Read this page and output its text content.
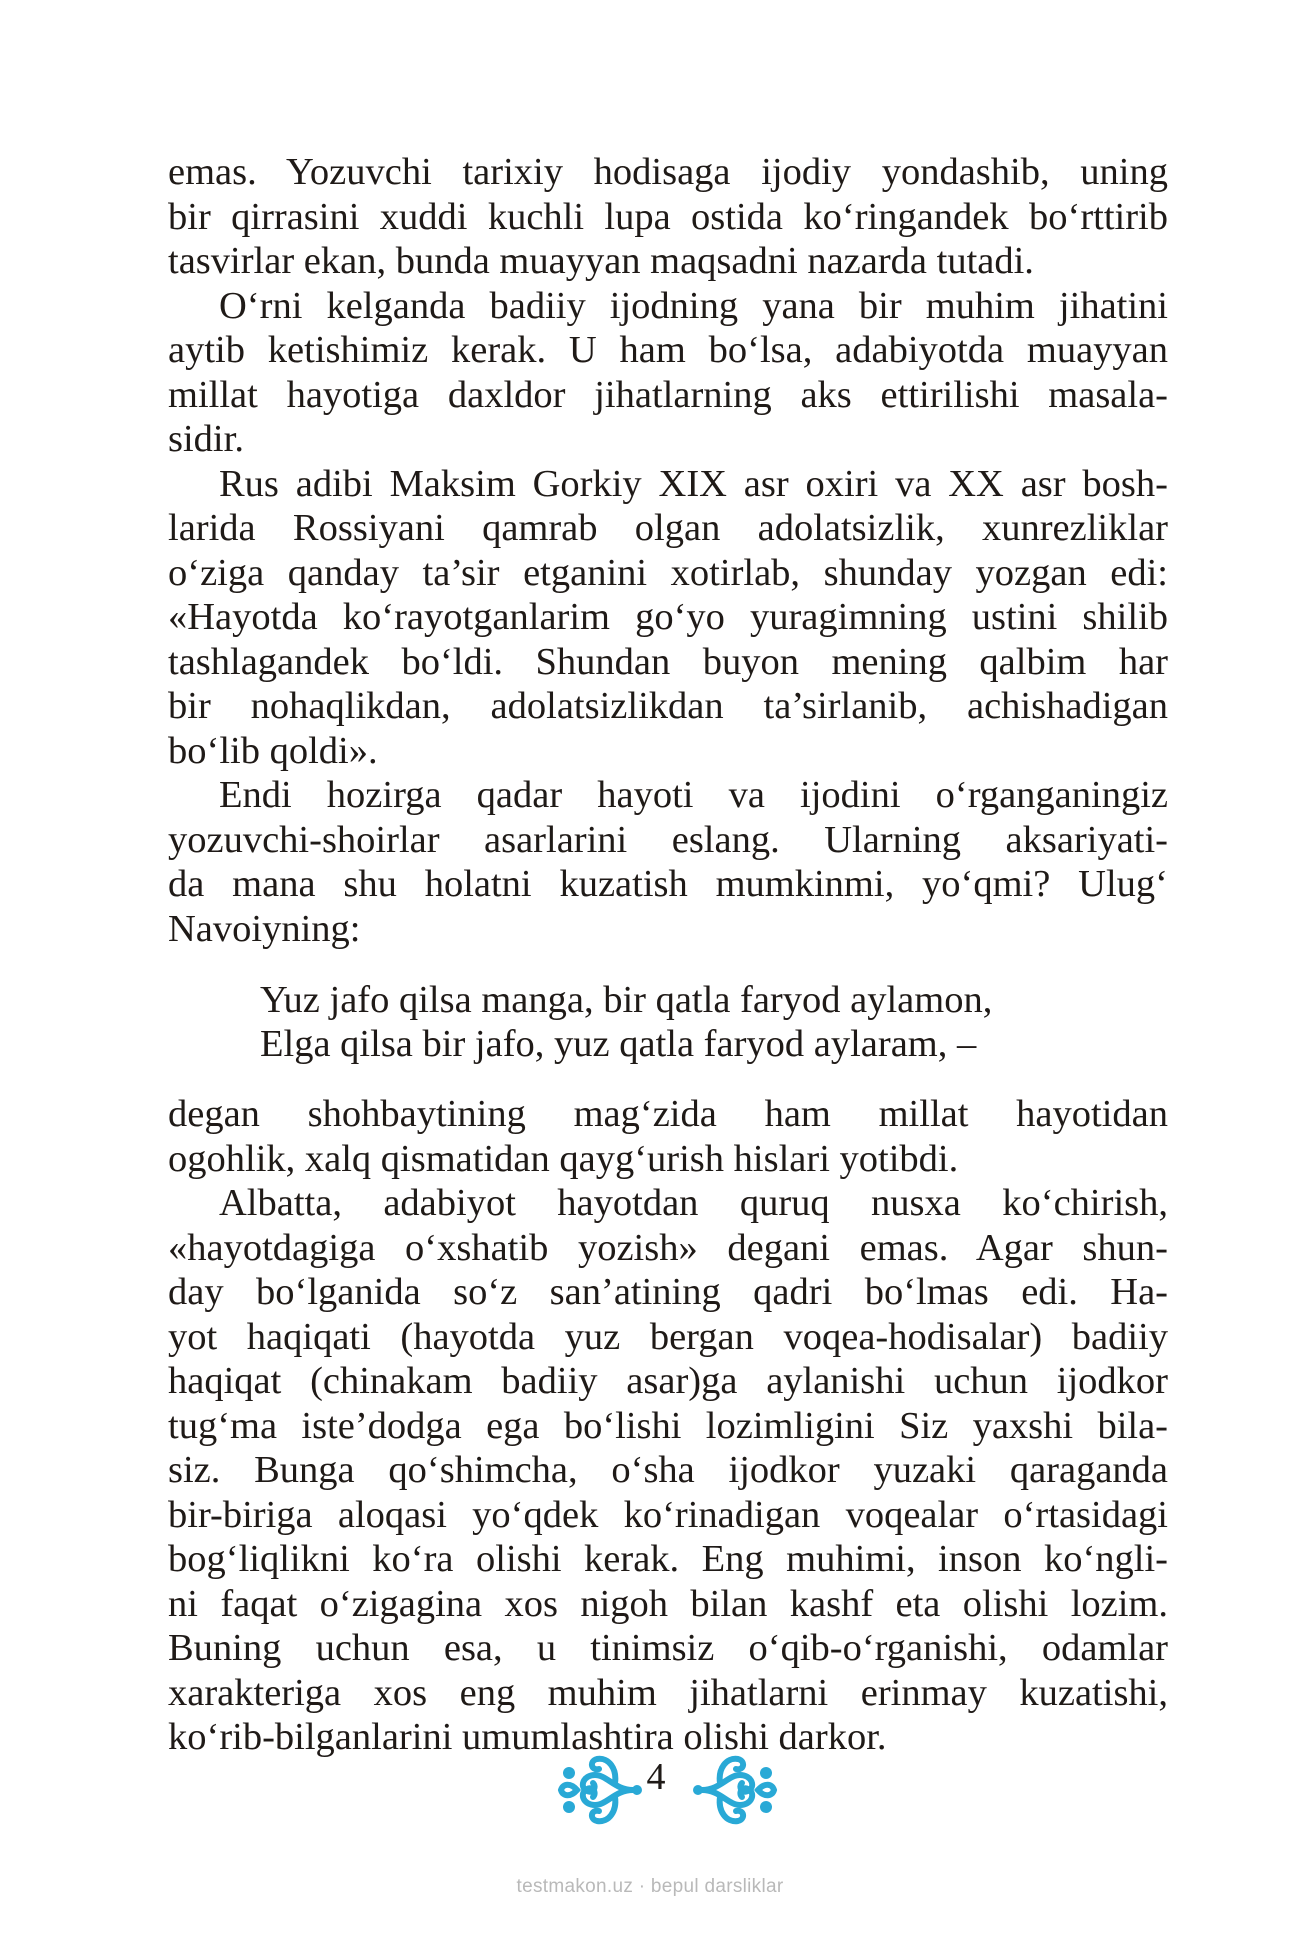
emas. Yozuvchi tarixiy hodisaga ijodiy yondashib, uning
bir qirrasini xuddi kuchli lupa ostida ko‘ringandek bo‘rttirib
tasvirlar ekan, bunda muayyan maqsadni nazarda tutadi.
O‘rni kelganda badiiy ijodning yana bir muhim jihatini
aytib ketishimiz kerak. U ham bo‘lsa, adabiyotda muayyan
millat hayotiga daxldor jihatlarning aks ettirilishi masala-
sidir.
Rus adibi Maksim Gorkiy XIX asr oxiri va XX asr bosh-
larida Rossiyani qamrab olgan adolatsizlik, xunrezliklar
o‘ziga qanday ta’sir etganini xotirlab, shunday yozgan edi:
«Hayotda ko‘rayotganlarim go‘yo yuragimning ustini shilib
tashlagandek bo‘ldi. Shundan buyon mening qalbim har
bir nohaqlikdan, adolatsizlikdan ta’sirlanib, achishadigan
bo‘lib qoldi».
Endi hozirga qadar hayoti va ijodini o‘rganganingiz
yozuvchi-shoirlar asarlarini eslang. Ularning aksariyati-
da mana shu holatni kuzatish mumkinmi, yo‘qmi? Ulug‘
Navoiyning:
Yuz jafo qilsa manga, bir qatla faryod aylamon,
Elga qilsa bir jafo, yuz qatla faryod aylaram, –
degan shohbaytining mag‘zida ham millat hayotidan
ogohlik, xalq qismatidan qayg‘urish hislari yotibdi.
Albatta, adabiyot hayotdan quruq nusxa ko‘chirish,
«hayotdagiga o‘xshatib yozish» degani emas. Agar shun-
day bo‘lganida so‘z san’atining qadri bo‘lmas edi. Ha-
yot haqiqati (hayotda yuz bergan voqea-hodisalar) badiiy
haqiqat (chinakam badiiy asar)ga aylanishi uchun ijodkor
tug‘ma iste’dodga ega bo‘lishi lozimligini Siz yaxshi bila-
siz. Bunga qo‘shimcha, o‘sha ijodkor yuzaki qaraganda
bir-biriga aloqasi yo‘qdek ko‘rinadigan voqealar o‘rtasidagi
bog‘liqlikni ko‘ra olishi kerak. Eng muhimi, inson ko‘ngli-
ni faqat o‘zigagina xos nigoh bilan kashf eta olishi lozim.
Buning uchun esa, u tinimsiz o‘qib-o‘rganishi, odamlar
xarakteriga xos eng muhim jihatlarni erinmay kuzatishi,
ko‘rib-bilganlarini umumlashtira olishi darkor.
4
testmakon.uz · bepul darsliklar
